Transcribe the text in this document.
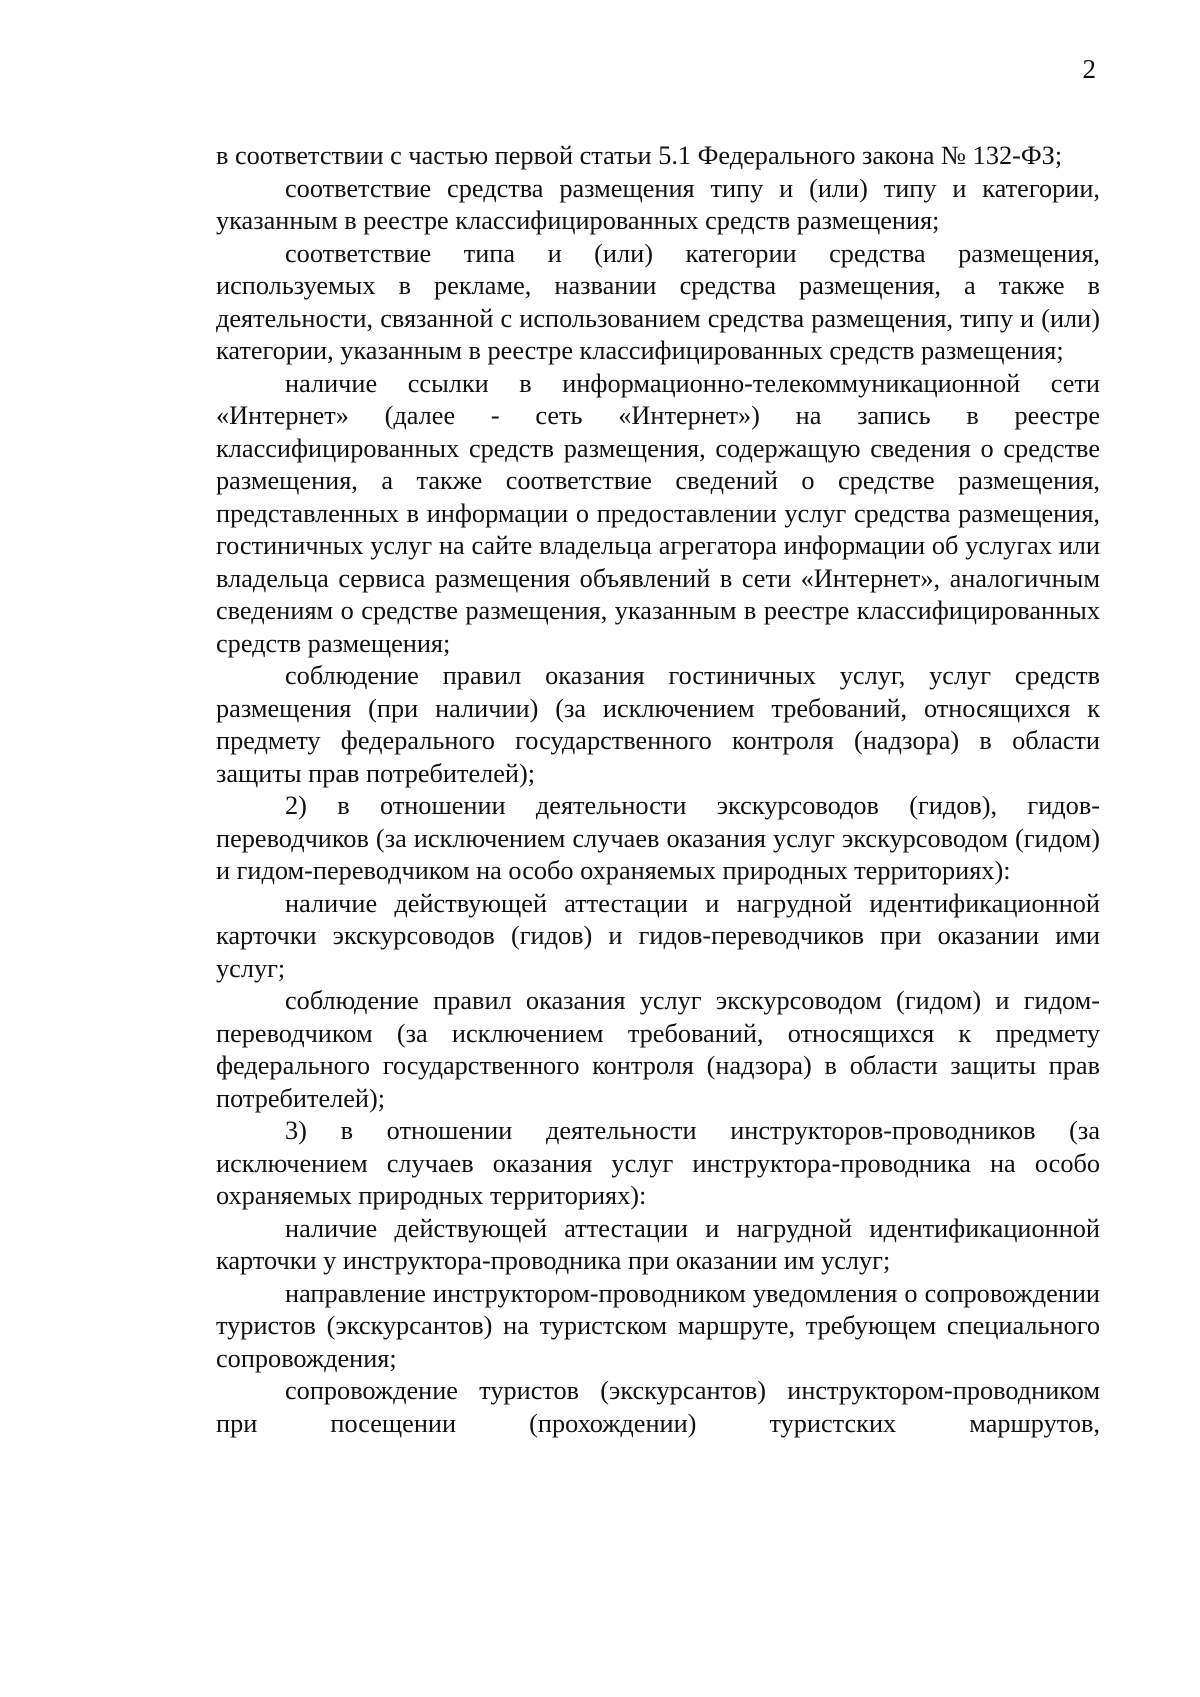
2

в соответствии с частью первой статьи 5.1 Федерального закона № 132-ФЗ;

соответствие средства размещения типу и (или) типу и категории, указанным в реестре классифицированных средств размещения;

соответствие типа и (или) категории средства размещения, используемых в рекламе, названии средства размещения, а также в деятельности, связанной с использованием средства размещения, типу и (или) категории, указанным в реестре классифицированных средств размещения;

наличие ссылки в информационно-телекоммуникационной сети «Интернет» (далее - сеть «Интернет») на запись в реестре классифицированных средств размещения, содержащую сведения о средстве размещения, а также соответствие сведений о средстве размещения, представленных в информации о предоставлении услуг средства размещения, гостиничных услуг на сайте владельца агрегатора информации об услугах или владельца сервиса размещения объявлений в сети «Интернет», аналогичным сведениям о средстве размещения, указанным в реестре классифицированных средств размещения;

соблюдение правил оказания гостиничных услуг, услуг средств размещения (при наличии) (за исключением требований, относящихся к предмету федерального государственного контроля (надзора) в области защиты прав потребителей);

2) в отношении деятельности экскурсоводов (гидов), гидов-переводчиков (за исключением случаев оказания услуг экскурсоводом (гидом) и гидом-переводчиком на особо охраняемых природных территориях):

наличие действующей аттестации и нагрудной идентификационной карточки экскурсоводов (гидов) и гидов-переводчиков при оказании ими услуг;

соблюдение правил оказания услуг экскурсоводом (гидом) и гидом-переводчиком (за исключением требований, относящихся к предмету федерального государственного контроля (надзора) в области защиты прав потребителей);

3) в отношении деятельности инструкторов-проводников (за исключением случаев оказания услуг инструктора-проводника на особо охраняемых природных территориях):

наличие действующей аттестации и нагрудной идентификационной карточки у инструктора-проводника при оказании им услуг;

направление инструктором-проводником уведомления о сопровождении туристов (экскурсантов) на туристском маршруте, требующем специального сопровождения;

сопровождение туристов (экскурсантов) инструктором-проводником при посещении (прохождении) туристских маршрутов,
